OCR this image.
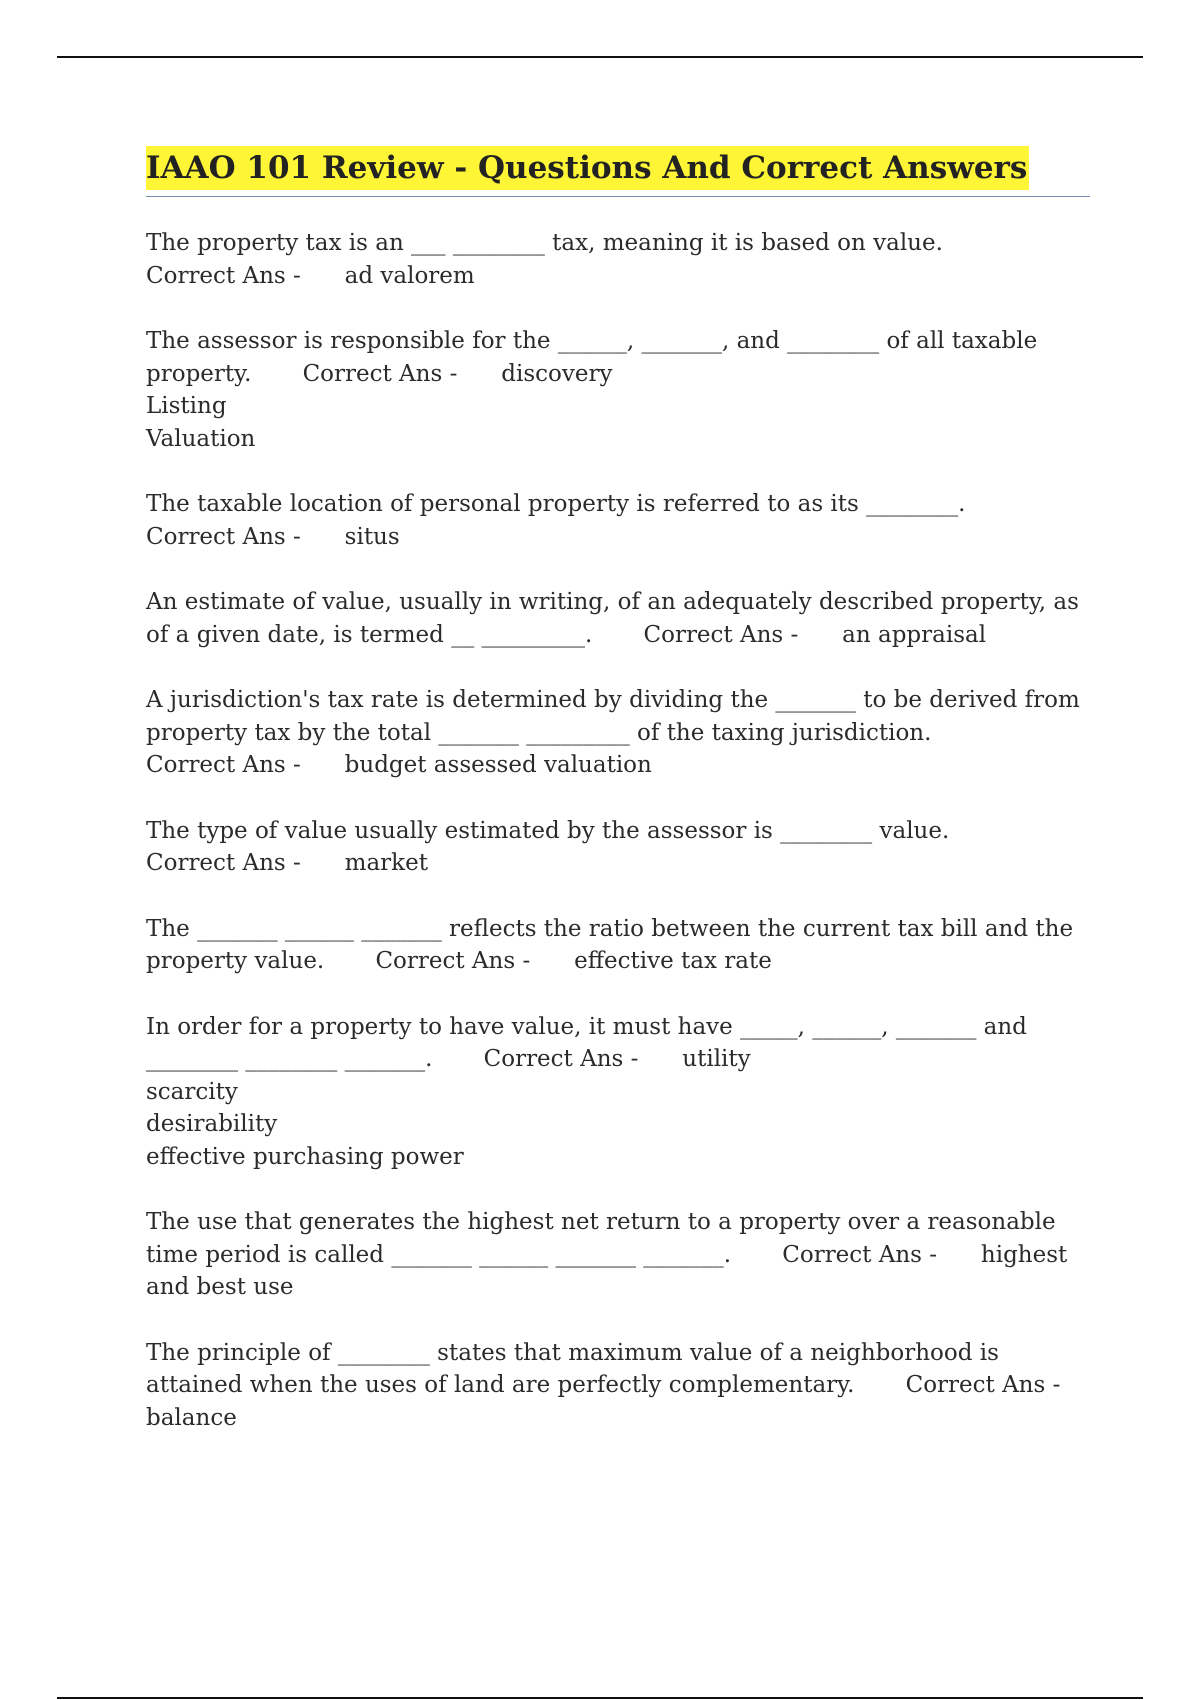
IAAO 101 Review - Questions And Correct Answers
The property tax is an ___ ________ tax, meaning it is based on value.
Correct Ans -      ad valorem
The assessor is responsible for the ______, _______, and ________ of all taxable property. Correct Ans -      discovery
Listing
Valuation
The taxable location of personal property is referred to as its ________.
Correct Ans -      situs
An estimate of value, usually in writing, of an adequately described property, as of a given date, is termed __ _________. Correct Ans -      an appraisal
A jurisdiction's tax rate is determined by dividing the _______ to be derived from property tax by the total _______ _________ of the taxing jurisdiction.
Correct Ans -      budget assessed valuation
The type of value usually estimated by the assessor is ________ value.
Correct Ans -      market
The _______ ______ _______ reflects the ratio between the current tax bill and the property value. Correct Ans -      effective tax rate
In order for a property to have value, it must have _____, ______, _______ and ________ ________ _______. Correct Ans -      utility
scarcity
desirability
effective purchasing power
The use that generates the highest net return to a property over a reasonable time period is called _______ ______ _______ _______. Correct Ans -      highest and best use
The principle of ________ states that maximum value of a neighborhood is attained when the uses of land are perfectly complementary. Correct Ans -      balance
